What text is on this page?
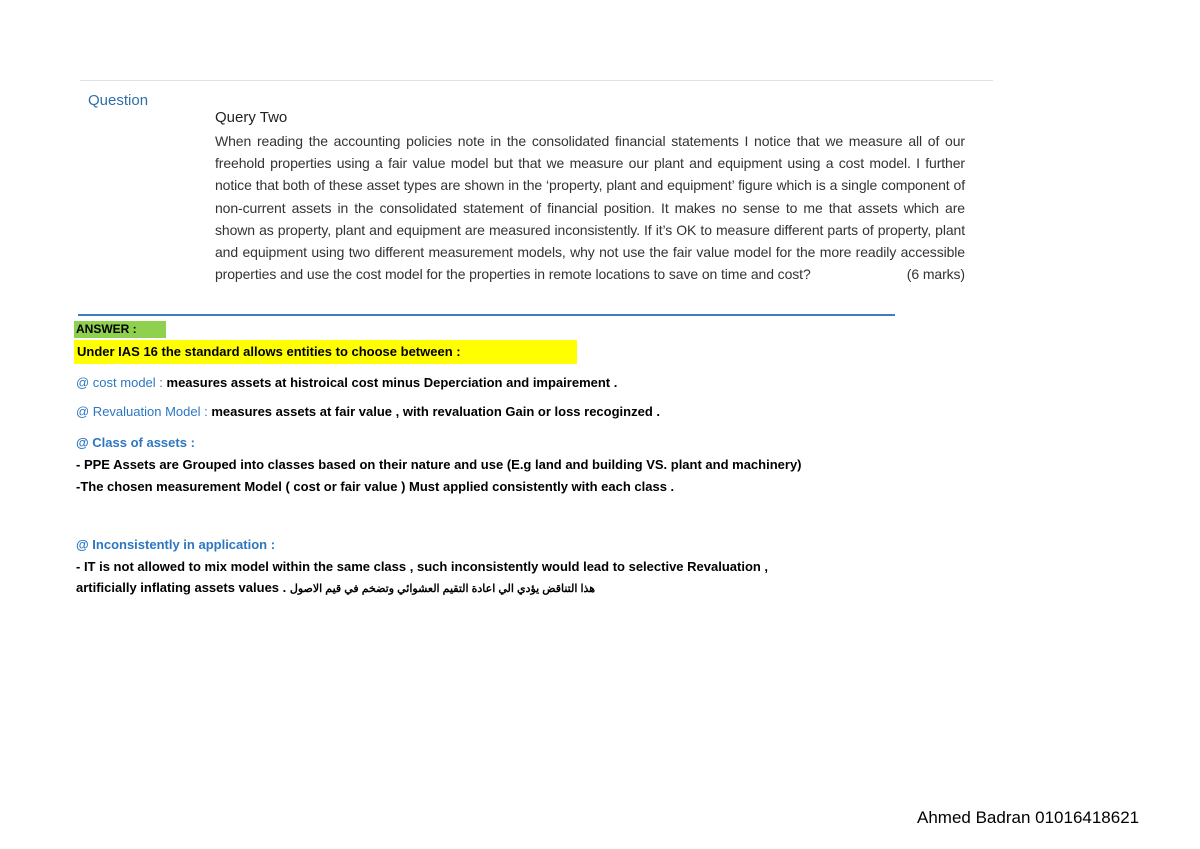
Question
Query Two
When reading the accounting policies note in the consolidated financial statements I notice that we measure all of our freehold properties using a fair value model but that we measure our plant and equipment using a cost model. I further notice that both of these asset types are shown in the ‘property, plant and equipment’ figure which is a single component of non-current assets in the consolidated statement of financial position. It makes no sense to me that assets which are shown as property, plant and equipment are measured inconsistently. If it’s OK to measure different parts of property, plant and equipment using two different measurement models, why not use the fair value model for the more readily accessible properties and use the cost model for the properties in remote locations to save on time and cost?	(6 marks)
ANSWER :
Under IAS 16 the standard allows entities to choose between :
@ cost model : measures assets at histroical cost minus Deperciation and impairement .
@ Revaluation Model : measures assets at fair value , with revaluation Gain or loss recoginzed .
@ Class of assets :
- PPE Assets are Grouped into classes based on their nature and use (E.g land and building VS. plant and machinery)
-The chosen measurement Model ( cost or fair value ) Must applied consistently with each class .
@ Inconsistently in application :
- IT is not allowed to mix model within the same class , such inconsistently would lead to selective Revaluation ,
artificially inflating assets values . هذا التناقض يؤدي الي اعادة التقيم العشوائي وتضخم في قيم الاصول
Ahmed Badran 01016418621
